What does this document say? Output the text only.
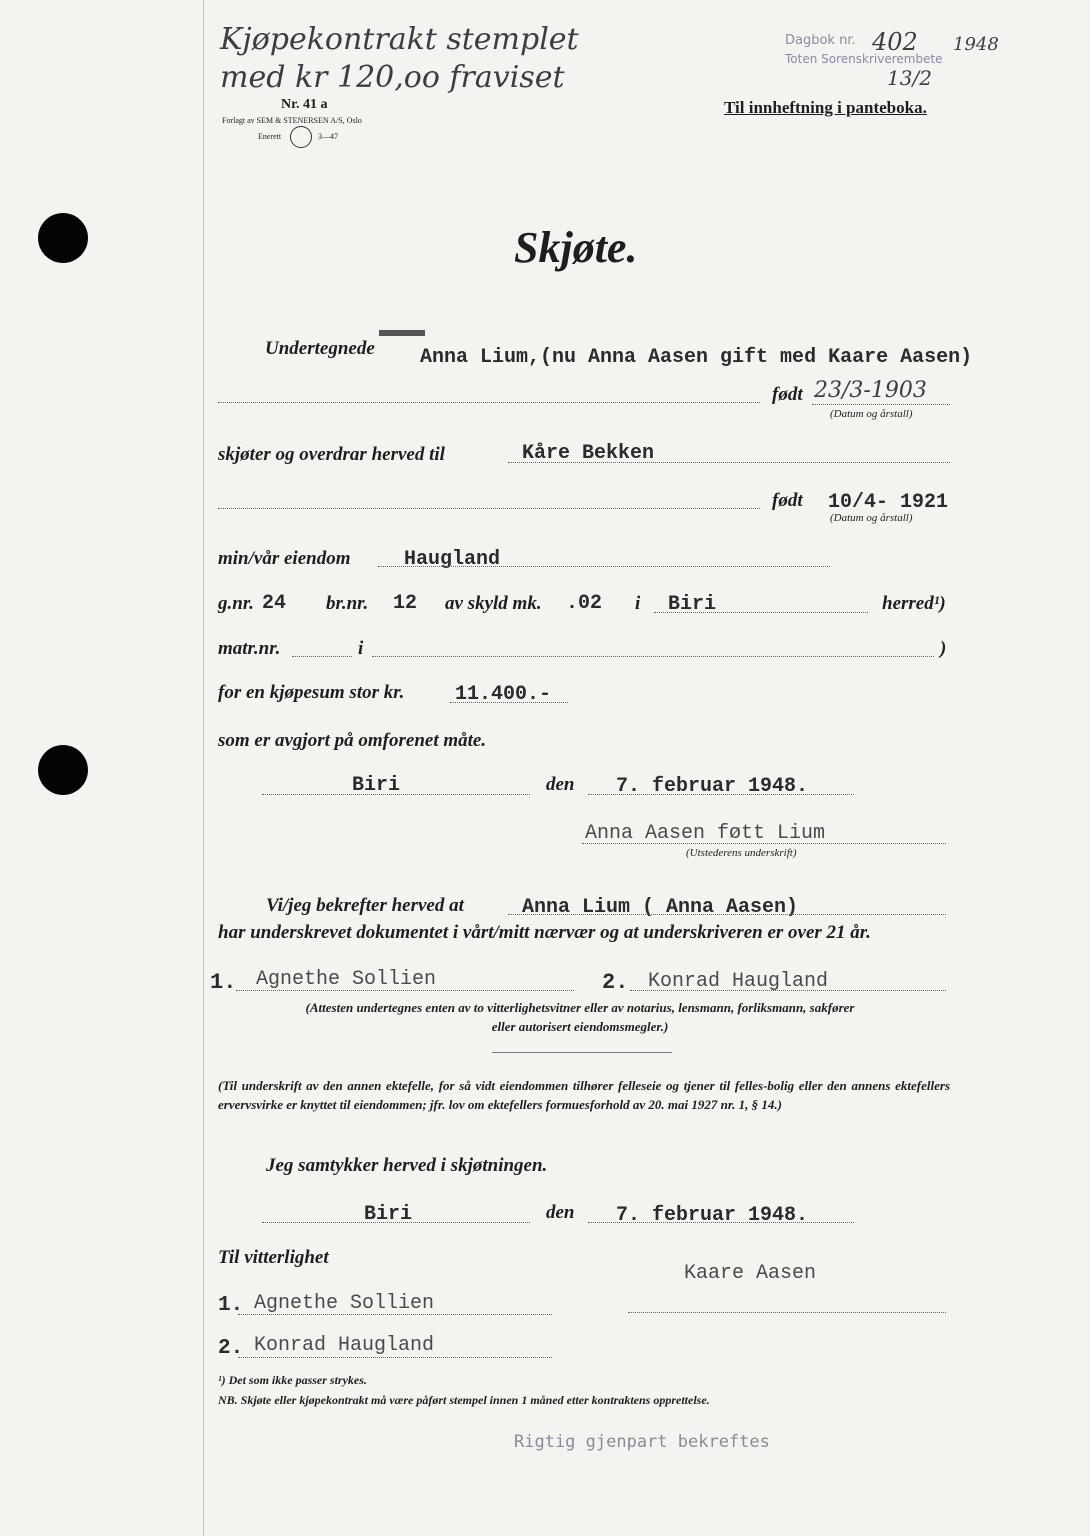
Kjøpekontrakt stemplet
med kr 120,oo fraviset
Nr. 41 a
Forlagt av SEM & STENERSEN A/S, Oslo
Enerett	3—47
Dagbok nr. 402 1948
Toten Sorenskriverembete
13/2
Til innheftning i panteboka.
Skjøte.
Undertegnede Anna Lium,(nu Anna Aasen gift med Kaare Aasen)
født 23/3-1903
(Datum og årstall)
skjøter og overdrar herved til	Kåre Bekken
født 10/4- 1921
(Datum og årstall)
min/vår eiendom	Haugland
g.nr. 24 br.nr. 12 av skyld mk. .02 i Biri	herred¹)
matr.nr.	i	)
for en kjøpesum stor kr.	11.400.-
som er avgjort på omforenet måte.
Biri	den 7. februar 1948.
Anna Aasen føtt Lium
(Utstederens underskrift)
Vi/jeg bekrefter herved at	Anna Lium ( Anna Aasen)
har underskrevet dokumentet i vårt/mitt nærvær og at underskriveren er over 21 år.
1. Agnethe Sollien	2. Konrad Haugland
(Attesten undertegnes enten av to vitterlighetsvitner eller av notarius, lensmann, forliksmann, sakfører eller autorisert eiendomsmegler.)
(Til underskrift av den annen ektefelle, for så vidt eiendommen tilhører felleseie og tjener til felles-bolig eller den annens ektefellers ervervsvirke er knyttet til eiendommen; jfr. lov om ektefellers formuesforhold av 20. mai 1927 nr. 1, § 14.)
Jeg samtykker herved i skjøtningen.
Biri	den 7. februar 1948.
Til vitterlighet
Kaare Aasen
1. Agnethe Sollien
2. Konrad Haugland
¹) Det som ikke passer strykes.
NB. Skjøte eller kjøpekontrakt må være påført stempel innen 1 måned etter kontraktens opprettelse.
Rigtig gjenpart bekreftes
